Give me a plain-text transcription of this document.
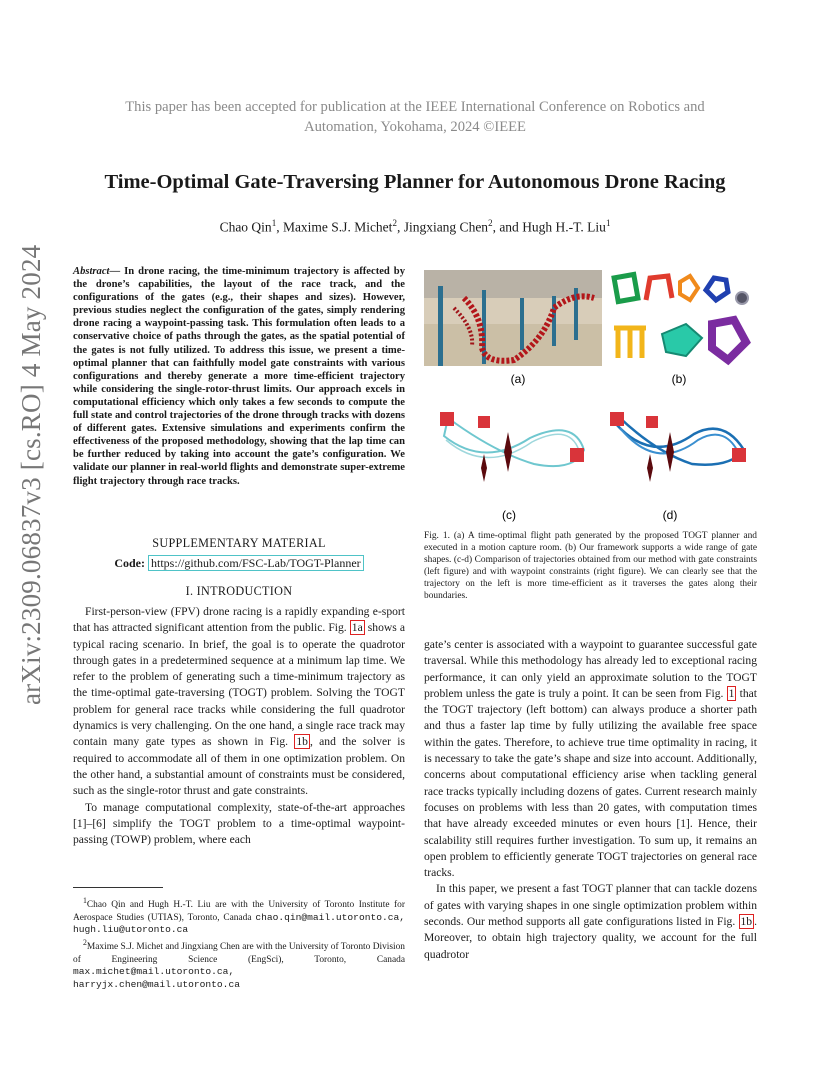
This paper has been accepted for publication at the IEEE International Conference on Robotics and
Automation, Yokohama, 2024 ©IEEE
arXiv:2309.06837v3 [cs.RO] 4 May 2024
Time-Optimal Gate-Traversing Planner for Autonomous Drone Racing
Chao Qin$^1$, Maxime S.J. Michet$^2$, Jingxiang Chen$^2$, and Hugh H.-T. Liu$^1$
Abstract— In drone racing, the time-minimum trajectory is affected by the drone’s capabilities, the layout of the race track, and the configurations of the gates (e.g., their shapes and sizes). However, previous studies neglect the configuration of the gates, simply rendering drone racing a waypoint-passing task. This formulation often leads to a conservative choice of paths through the gates, as the spatial potential of the gates is not fully utilized. To address this issue, we present a time-optimal planner that can faithfully model gate constraints with various configurations and thereby generate a more time-efficient trajectory while considering the single-rotor-thrust limits. Our approach excels in computational efficiency which only takes a few seconds to compute the full state and control trajectories of the drone through tracks with dozens of different gates. Extensive simulations and experiments confirm the effectiveness of the proposed methodology, showing that the lap time can be further reduced by taking into account the gate’s configuration. We validate our planner in real-world flights and demonstrate super-extreme flight trajectory through race tracks.
SUPPLEMENTARY MATERIAL
Code: https://github.com/FSC-Lab/TOGT-Planner
I. INTRODUCTION

First-person-view (FPV) drone racing is a rapidly expanding e-sport that has attracted significant attention from the public. Fig. 1a shows a typical racing scenario. In brief, the goal is to operate the quadrotor through gates in a predetermined sequence at a minimum lap time. We refer to the problem of generating such a time-minimum trajectory as the time-optimal gate-traversing (TOGT) problem. Solving the TOGT problem for general race tracks while considering the full quadrotor dynamics is very challenging. On the one hand, a single race track may contain many gate types as shown in Fig. 1b , and the solver is required to accommodate all of them in one optimization problem. On the other hand, a substantial amount of constraints must be considered, such as the single-rotor thrust and gate constraints.

To manage computational complexity, state-of-the-art approaches [1]–[6] simplify the TOGT problem to a time-optimal waypoint-passing (TOWP) problem, where each

$^1$Chao Qin and Hugh H.-T. Liu are with the University of Toronto Institute for Aerospace Studies (UTIAS), Toronto, Canada chao.qin@mail.utoronto.ca, hugh.liu@utoronto.ca

$^2$Maxime S.J. Michet and Jingxiang Chen are with the University of Toronto Division of Engineering Science (EngSci), Toronto, Canada max.michet@mail.utoronto.ca, harryjx.chen@mail.utoronto.ca

(a)	(b)
(c)	(d)
Fig. 1. (a) A time-optimal flight path generated by the proposed TOGT planner and executed in a motion capture room. (b) Our framework supports a wide range of gate shapes. (c-d) Comparison of trajectories obtained from our method with gate constraints (left figure) and with waypoint constraints (right figure). We can clearly see that the trajectory on the left is more time-efficient as it traverses the gates along their boundaries.

gate’s center is associated with a waypoint to guarantee successful gate traversal. While this methodology has already led to exceptional racing performance, it can only yield an approximate solution to the TOGT problem unless the gate is truly a point. It can be seen from Fig. 1 that the TOGT trajectory (left bottom) can always produce a shorter path and thus a faster lap time by fully utilizing the available free space within the gates. Therefore, to achieve true time optimality in racing, it is necessary to take the gate’s shape and size into account. Additionally, concerns about computational efficiency arise when tackling general race tracks typically including dozens of gates. Current research mainly focuses on problems with less than 20 gates, with computation times that have already exceeded minutes or even hours [1]. Hence, their scalability still requires further investigation. To sum up, it remains an open problem to efficiently generate TOGT trajectories on general race tracks.

In this paper, we present a fast TOGT planner that can tackle dozens of gates with varying shapes in one single optimization problem within seconds. Our method supports all gate configurations listed in Fig. 1b . Moreover, to obtain high trajectory quality, we account for the full quadrotor
